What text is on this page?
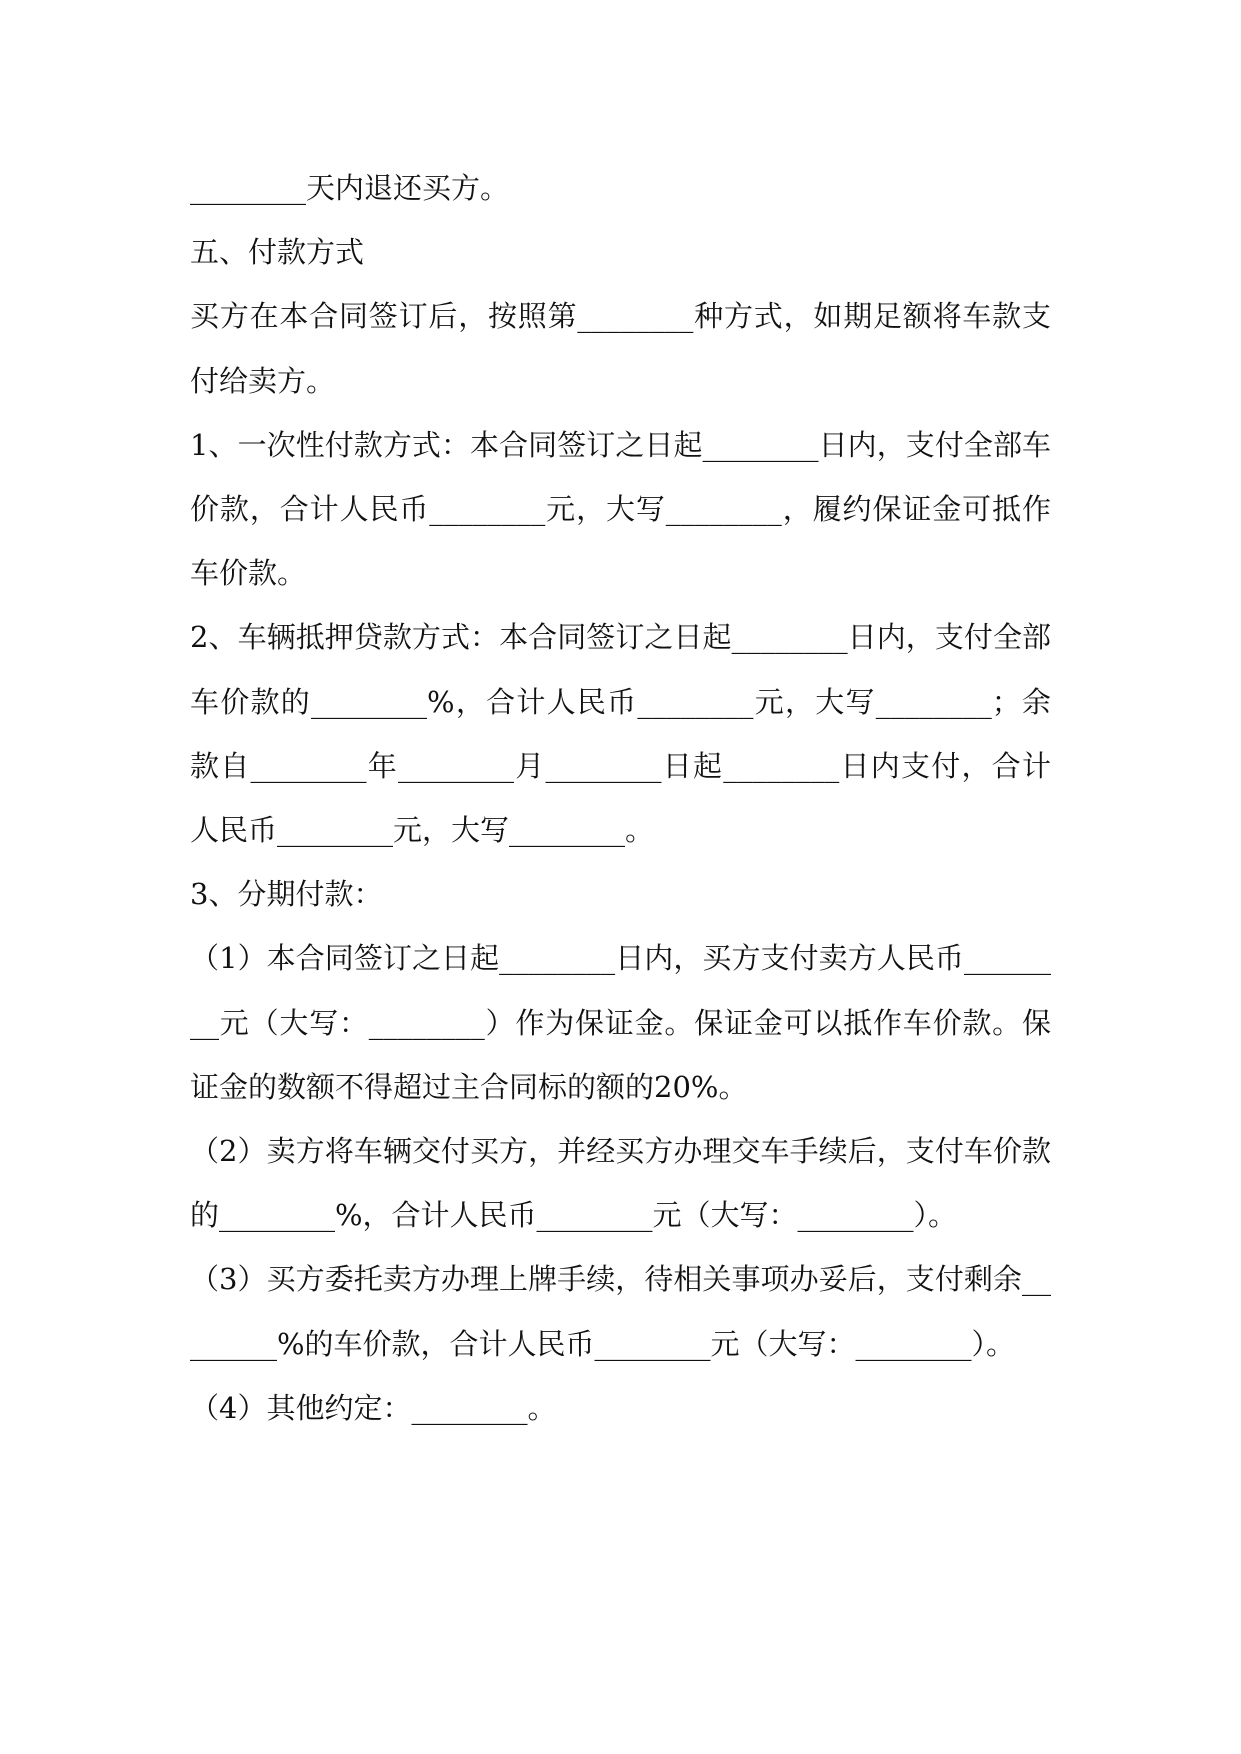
________天内退还买方。

五、付款方式

买方在本合同签订后，按照第________种方式，如期足额将车款支付给卖方。

1、一次性付款方式：本合同签订之日起________日内，支付全部车价款，合计人民币________元，大写________，履约保证金可抵作车价款。

2、车辆抵押贷款方式：本合同签订之日起________日内，支付全部车价款的________%，合计人民币________元，大写________；余款自________年________月________日起________日内支付，合计人民币________元，大写________。

3、分期付款：

（1）本合同签订之日起________日内，买方支付卖方人民币________元（大写：________）作为保证金。保证金可以抵作车价款。保证金的数额不得超过主合同标的额的20%。

（2）卖方将车辆交付买方，并经买方办理交车手续后，支付车价款的________%，合计人民币________元（大写：________）。

（3）买方委托卖方办理上牌手续，待相关事项办妥后，支付剩余________%的车价款，合计人民币________元（大写：________）。

（4）其他约定：________。
